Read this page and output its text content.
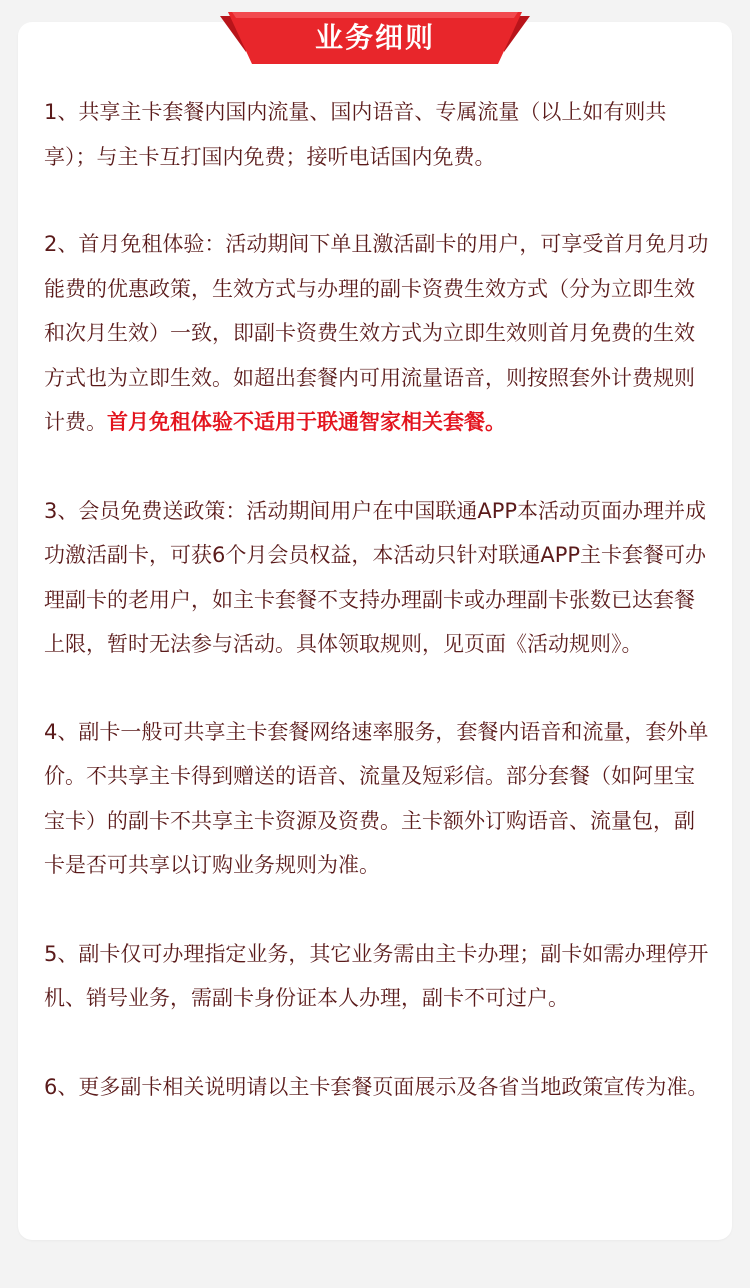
业务细则

1、共享主卡套餐内国内流量、国内语音、专属流量（以上如有则共享）；与主卡互打国内免费；接听电话国内免费。

2、首月免租体验：活动期间下单且激活副卡的用户，可享受首月免月功能费的优惠政策，生效方式与办理的副卡资费生效方式（分为立即生效和次月生效）一致，即副卡资费生效方式为立即生效则首月免费的生效方式也为立即生效。如超出套餐内可用流量语音，则按照套外计费规则计费。首月免租体验不适用于联通智家相关套餐。

3、会员免费送政策：活动期间用户在中国联通APP本活动页面办理并成功激活副卡，可获6个月会员权益，本活动只针对联通APP主卡套餐可办理副卡的老用户，如主卡套餐不支持办理副卡或办理副卡张数已达套餐上限，暂时无法参与活动。具体领取规则，见页面《活动规则》。

4、副卡一般可共享主卡套餐网络速率服务，套餐内语音和流量，套外单价。不共享主卡得到赠送的语音、流量及短彩信。部分套餐（如阿里宝宝卡）的副卡不共享主卡资源及资费。主卡额外订购语音、流量包，副卡是否可共享以订购业务规则为准。

5、副卡仅可办理指定业务，其它业务需由主卡办理；副卡如需办理停开机、销号业务，需副卡身份证本人办理，副卡不可过户。

6、更多副卡相关说明请以主卡套餐页面展示及各省当地政策宣传为准。
